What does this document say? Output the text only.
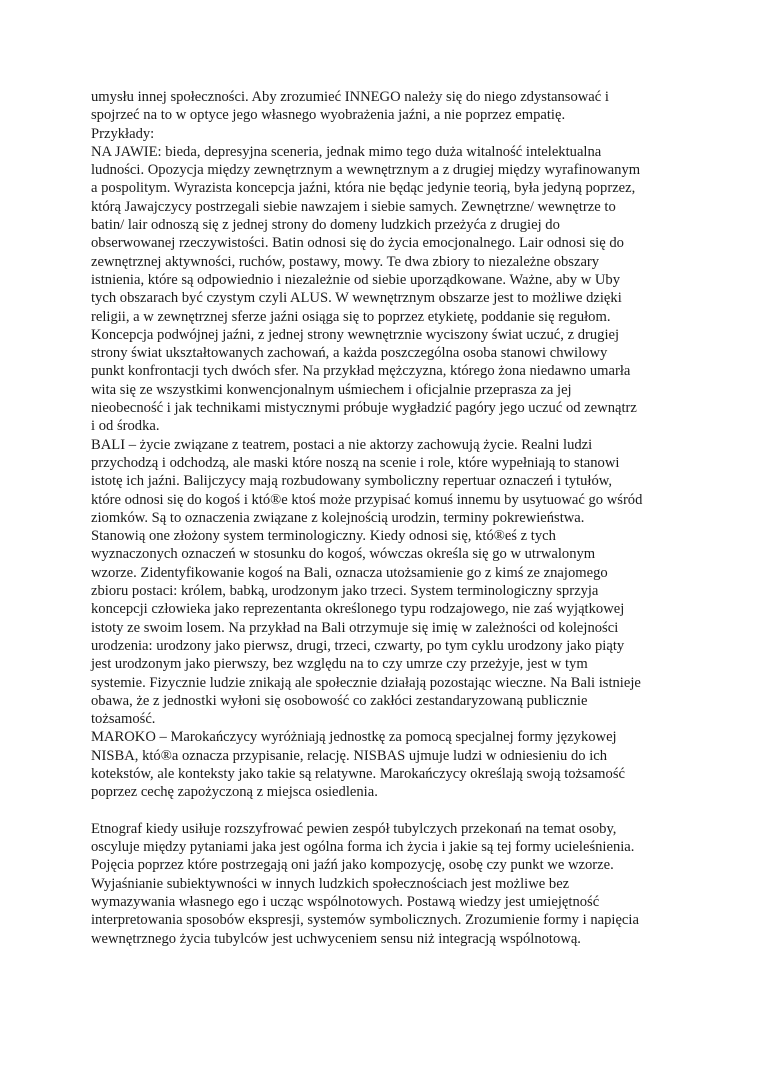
umysłu innej społeczności. Aby zrozumieć INNEGO należy się do niego zdystansować i
spojrzeć na to w optyce jego własnego wyobrażenia jaźni, a nie poprzez empatię.
Przykłady:
NA JAWIE: bieda, depresyjna sceneria, jednak mimo tego duża witalność intelektualna
ludności. Opozycja między zewnętrznym a wewnętrznym a z drugiej między wyrafinowanym
a pospolitym. Wyrazista koncepcja jaźni, która nie będąc jedynie teorią, była jedyną poprzez,
którą Jawajczycy postrzegali siebie nawzajem i siebie samych. Zewnętrzne/ wewnętrze to
batin/ lair odnoszą się z jednej strony do domeny ludzkich przeżyća z drugiej do
obserwowanej rzeczywistości. Batin odnosi się do życia emocjonalnego. Lair odnosi się do
zewnętrznej aktywności, ruchów, postawy, mowy. Te dwa zbiory to niezależne obszary
istnienia, które są odpowiednio i niezależnie od siebie uporządkowane. Ważne, aby w Uby
tych obszarach być czystym czyli ALUS. W wewnętrznym obszarze jest to możliwe dzięki
religii, a w zewnętrznej sferze jaźni osiąga się to poprzez etykietę, poddanie się regułom.
Koncepcja podwójnej jaźni, z jednej strony wewnętrznie wyciszony świat uczuć, z drugiej
strony świat ukształtowanych zachowań, a każda poszczególna osoba stanowi chwilowy
punkt konfrontacji tych dwóch sfer. Na przykład mężczyzna, którego żona niedawno umarła
wita się ze wszystkimi konwencjonalnym uśmiechem i oficjalnie przeprasza za jej
nieobecność i jak technikami mistycznymi próbuje wygładzić pagóry jego uczuć od zewnątrz
i od środka.
BALI – życie związane z teatrem, postaci a nie aktorzy zachowują życie. Realni ludzi
przychodzą i odchodzą, ale maski które noszą na scenie i role, które wypełniają to stanowi
istotę ich jaźni. Balijczycy mają rozbudowany symboliczny repertuar oznaczeń i tytułów,
które odnosi się do kogoś i któ®e ktoś może przypisać komuś innemu by usytuować go wśród
ziomków. Są to oznaczenia związane z kolejnością urodzin, terminy pokrewieństwa.
Stanowią one złożony system terminologiczny. Kiedy odnosi się, któ®eś z tych
wyznaczonych oznaczeń w stosunku do kogoś, wówczas określa się go w utrwalonym
wzorze. Zidentyfikowanie kogoś na Bali, oznacza utożsamienie go z kimś ze znajomego
zbioru postaci: królem, babką, urodzonym jako trzeci. System terminologiczny sprzyja
koncepcji człowieka jako reprezentanta określonego typu rodzajowego, nie zaś wyjątkowej
istoty ze swoim losem. Na przykład na Bali otrzymuje się imię w zależności od kolejności
urodzenia: urodzony jako pierwsz, drugi, trzeci, czwarty, po tym cyklu urodzony jako piąty
jest urodzonym jako pierwszy, bez względu na to czy umrze czy przeżyje, jest w tym
systemie. Fizycznie ludzie znikają ale społecznie działają pozostając wieczne. Na Bali istnieje
obawa, że z jednostki wyłoni się osobowość co zakłóci zestandaryzowaną publicznie
tożsamość.
MAROKO – Marokańczycy wyróżniają jednostkę za pomocą specjalnej formy językowej
NISBA, któ®a oznacza przypisanie, relację. NISBAS ujmuje ludzi w odniesieniu do ich
kotekstów, ale konteksty jako takie są relatywne. Marokańczycy określają swoją tożsamość
poprzez cechę zapożyczoną z miejsca osiedlenia.
Etnograf kiedy usiłuje rozszyfrować pewien zespół tubylczych przekonań na temat osoby,
oscyluje między pytaniami jaka jest ogólna forma ich życia i jakie są tej formy ucieleśnienia.
Pojęcia poprzez które postrzegają oni jaźń jako kompozycję, osobę czy punkt we wzorze.
Wyjaśnianie subiektywności w innych ludzkich społecznościach jest możliwe bez
wymazywania własnego ego i ucząc wspólnotowych. Postawą wiedzy jest umiejętność
interpretowania sposobów ekspresji, systemów symbolicznych. Zrozumienie formy i napięcia
wewnętrznego życia tubylców jest uchwyceniem sensu niż integracją wspólnotową.
